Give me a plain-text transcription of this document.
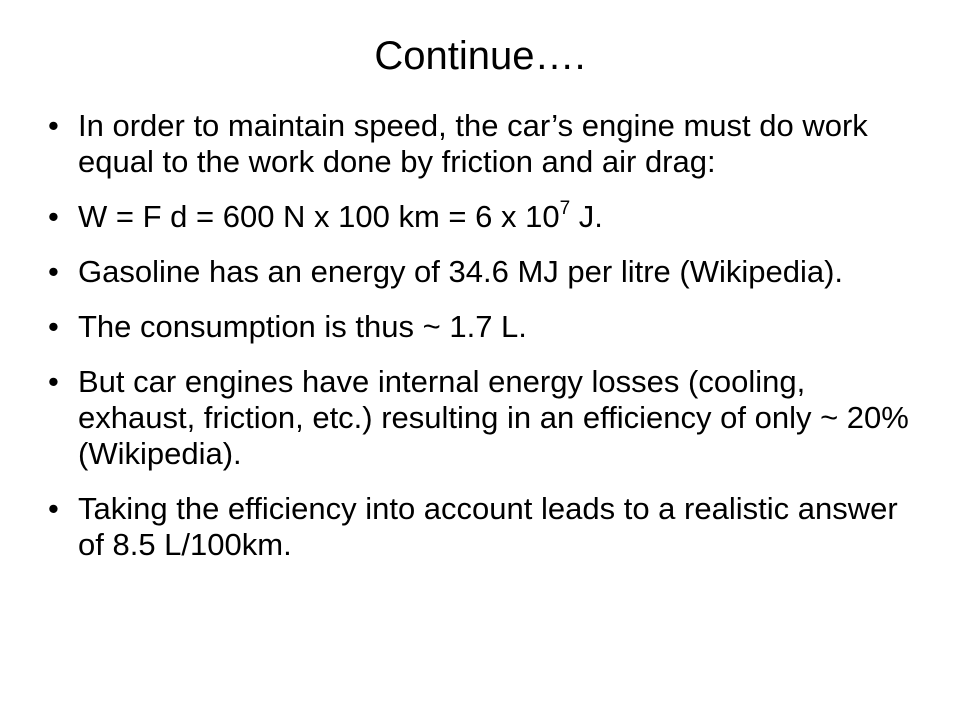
Continue….
• In order to maintain speed, the car’s engine must do work equal to the work done by friction and air drag:
• W = F d = 600 N x 100 km = 6 x $10^7$ J.
• Gasoline has an energy of 34.6 MJ per litre (Wikipedia).
• The consumption is thus ~ 1.7 L.
• But car engines have internal energy losses (cooling, exhaust, friction, etc.) resulting in an efficiency of only ~ 20% (Wikipedia).
• Taking the efficiency into account leads to a realistic answer of 8.5 L/100km.
